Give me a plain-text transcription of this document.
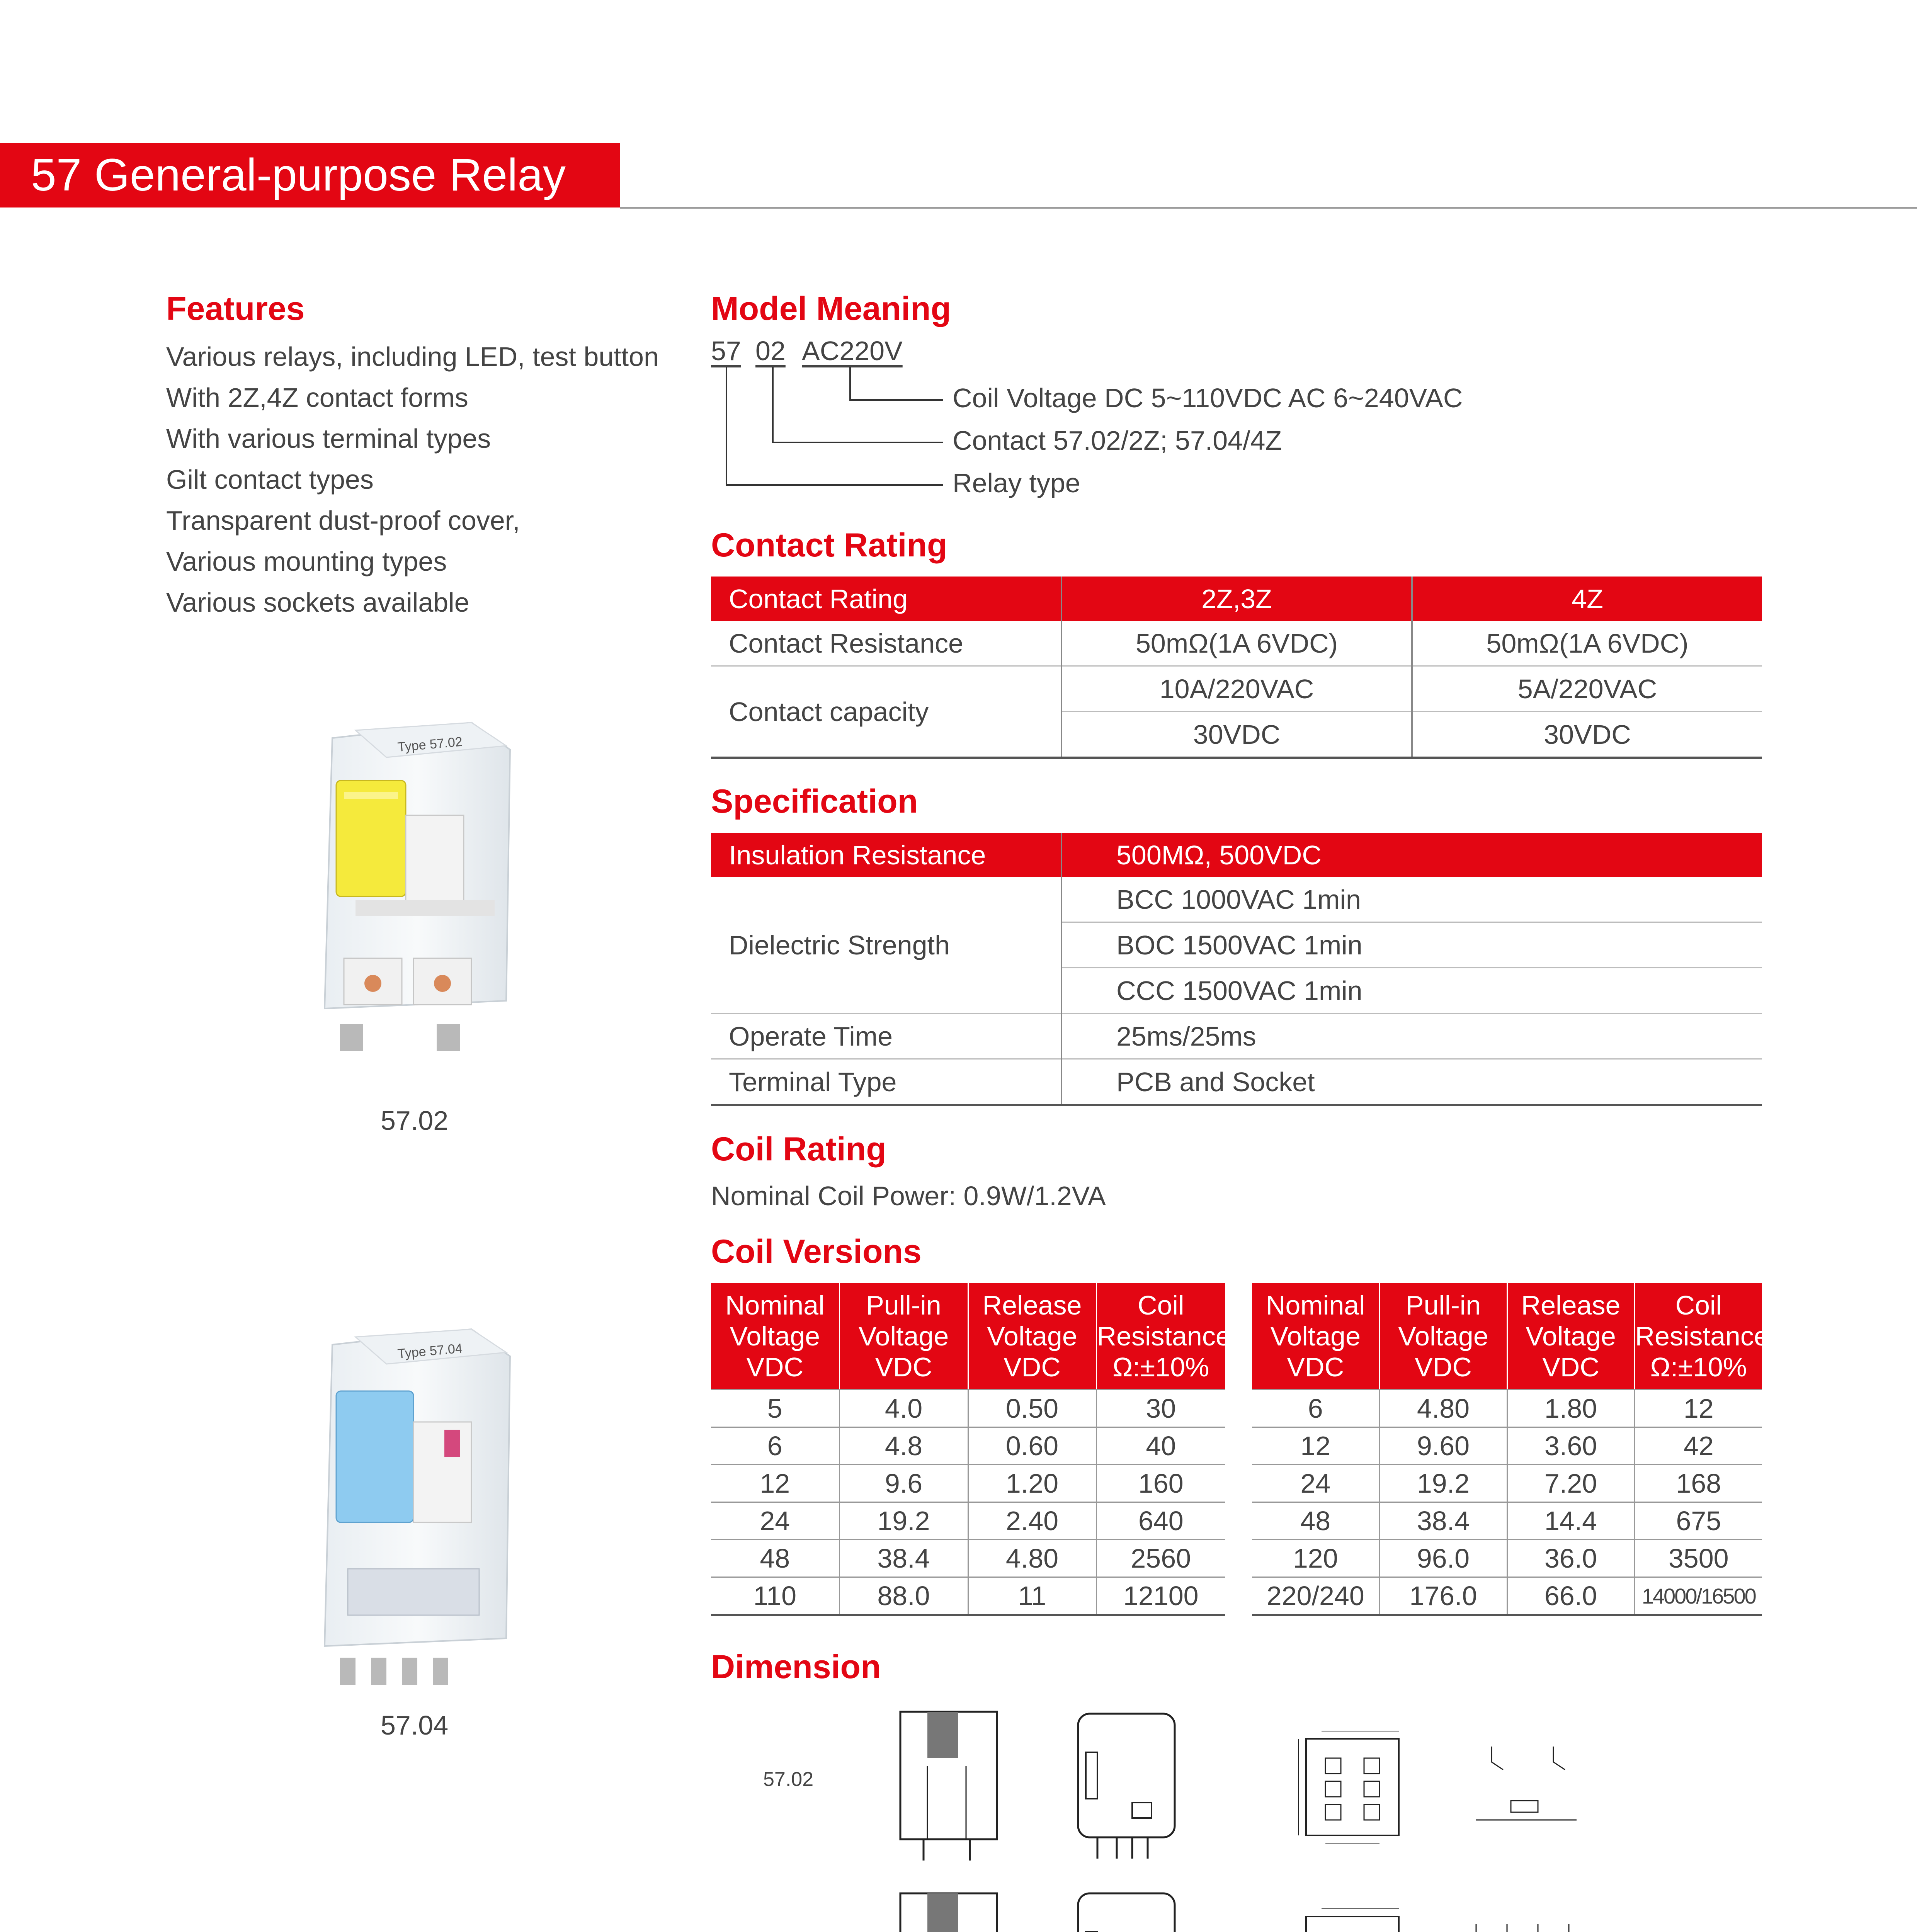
57 General-purpose Relay
Features
Various relays, including LED, test button
With 2Z,4Z contact forms
With various terminal types
Gilt contact types
Transparent dust-proof cover,
Various mounting types
Various sockets available
Type 57.02
57.02
Type 57.04
57.04
Model Meaning
57 02 AC220V
Coil Voltage DC 5~110VDC AC 6~240VAC
Contact 57.02/2Z; 57.04/4Z
Relay type
Contact Rating
Contact Rating	2Z,3Z	4Z
Contact Resistance	50mΩ(1A 6VDC)	50mΩ(1A 6VDC)
Contact capacity	10A/220VAC	5A/220VAC
	30VDC	30VDC
Specification
Insulation Resistance	500MΩ, 500VDC
Dielectric Strength	BCC 1000VAC 1min
	BOC 1500VAC 1min
	CCC 1500VAC 1min
Operate Time	25ms/25ms
Terminal Type	PCB and Socket
Coil Rating
Nominal Coil Power: 0.9W/1.2VA
Coil Versions
Nominal
Voltage
VDC	Pull-in
Voltage
VDC	Release
Voltage
VDC	Coil
Resistance
Ω:±10%
5	4.0	0.50	30
6	4.8	0.60	40
12	9.6	1.20	160
24	19.2	2.40	640
48	38.4	4.80	2560
110	88.0	11	12100
Nominal
Voltage
VDC	Pull-in
Voltage
VDC	Release
Voltage
VDC	Coil
Resistance
Ω:±10%
6	4.80	1.80	12
12	9.60	3.60	42
24	19.2	7.20	168
48	38.4	14.4	675
120	96.0	36.0	3500
220/240	176.0	66.0	14000/16500
Dimension
57.02
